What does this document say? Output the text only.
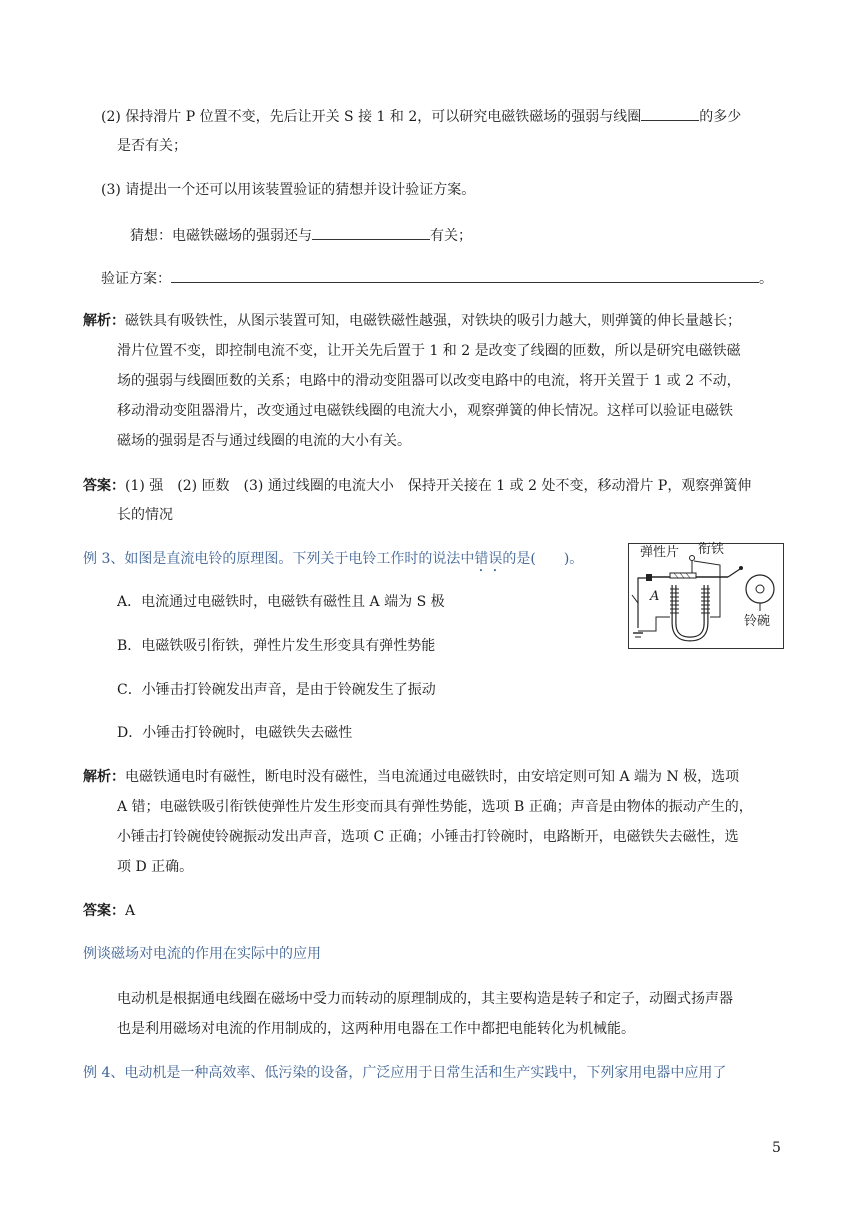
(2) 保持滑片 P 位置不变，先后让开关 S 接 1 和 2，可以研究电磁铁磁场的强弱与线圈	的多少
是否有关；
(3) 请提出一个还可以用该装置验证的猜想并设计验证方案。
猜想：电磁铁磁场的强弱还与	有关；
验证方案：	。
解析：磁铁具有吸铁性，从图示装置可知，电磁铁磁性越强，对铁块的吸引力越大，则弹簧的伸长量越长；
滑片位置不变，即控制电流不变，让开关先后置于 1 和 2 是改变了线圈的匝数，所以是研究电磁铁磁
场的强弱与线圈匝数的关系；电路中的滑动变阻器可以改变电路中的电流，将开关置于 1 或 2 不动，
移动滑动变阻器滑片，改变通过电磁铁线圈的电流大小，观察弹簧的伸长情况。这样可以验证电磁铁
磁场的强弱是否与通过线圈的电流的大小有关。
答案：(1) 强　(2) 匝数　(3) 通过线圈的电流大小　保持开关接在 1 或 2 处不变，移动滑片 P，观察弹簧伸
长的情况
例 3、如图是直流电铃的原理图。下列关于电铃工作时的说法中错误的是(　　)。
A．电流通过电磁铁时，电磁铁有磁性且 A 端为 S 极
B．电磁铁吸引衔铁，弹性片发生形变具有弹性势能
C．小锤击打铃碗发出声音，是由于铃碗发生了振动
D．小锤击打铃碗时，电磁铁失去磁性
弹性片 衔铁
A
铃碗
解析：电磁铁通电时有磁性，断电时没有磁性，当电流通过电磁铁时，由安培定则可知 A 端为 N 极，选项
A 错；电磁铁吸引衔铁使弹性片发生形变而具有弹性势能，选项 B 正确；声音是由物体的振动产生的，
小锤击打铃碗使铃碗振动发出声音，选项 C 正确；小锤击打铃碗时，电路断开，电磁铁失去磁性，选
项 D 正确。
答案：A
例谈磁场对电流的作用在实际中的应用
电动机是根据通电线圈在磁场中受力而转动的原理制成的，其主要构造是转子和定子，动圈式扬声器
也是利用磁场对电流的作用制成的，这两种用电器在工作中都把电能转化为机械能。
例 4、电动机是一种高效率、低污染的设备，广泛应用于日常生活和生产实践中，下列家用电器中应用了
5
